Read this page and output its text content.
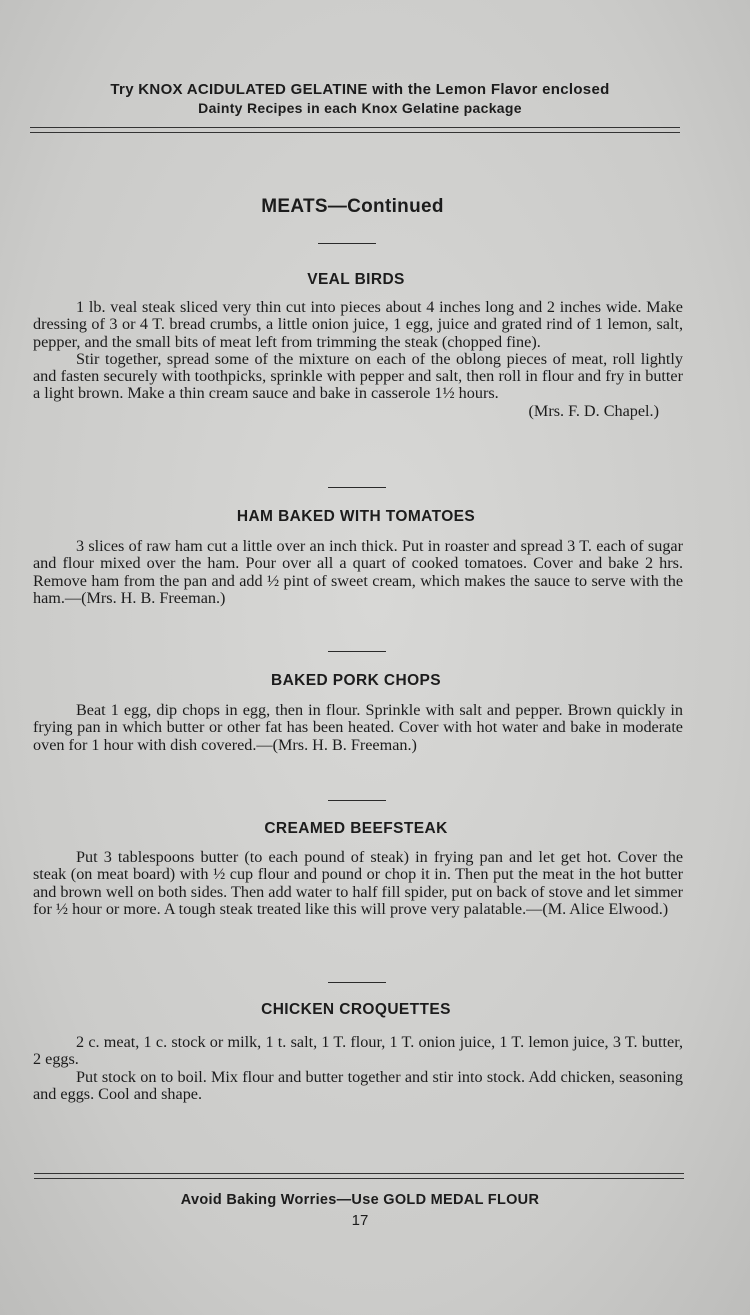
Try KNOX ACIDULATED GELATINE with the Lemon Flavor enclosed
Dainty Recipes in each Knox Gelatine package
MEATS—Continued
VEAL BIRDS

1 lb. veal steak sliced very thin cut into pieces about 4 inches long and 2 inches wide. Make dressing of 3 or 4 T. bread crumbs, a little onion juice, 1 egg, juice and grated rind of 1 lemon, salt, pepper, and the small bits of meat left from trimming the steak (chopped fine).

Stir together, spread some of the mixture on each of the oblong pieces of meat, roll lightly and fasten securely with toothpicks, sprinkle with pepper and salt, then roll in flour and fry in butter a light brown. Make a thin cream sauce and bake in casserole 1½ hours.

(Mrs. F. D. Chapel.)
HAM BAKED WITH TOMATOES

3 slices of raw ham cut a little over an inch thick. Put in roaster and spread 3 T. each of sugar and flour mixed over the ham. Pour over all a quart of cooked tomatoes. Cover and bake 2 hrs. Remove ham from the pan and add ½ pint of sweet cream, which makes the sauce to serve with the ham.—(Mrs. H. B. Freeman.)

BAKED PORK CHOPS

Beat 1 egg, dip chops in egg, then in flour. Sprinkle with salt and pepper. Brown quickly in frying pan in which butter or other fat has been heated. Cover with hot water and bake in moderate oven for 1 hour with dish covered.—(Mrs. H. B. Freeman.)

CREAMED BEEFSTEAK

Put 3 tablespoons butter (to each pound of steak) in frying pan and let get hot. Cover the steak (on meat board) with ½ cup flour and pound or chop it in. Then put the meat in the hot butter and brown well on both sides. Then add water to half fill spider, put on back of stove and let simmer for ½ hour or more. A tough steak treated like this will prove very palatable.—(M. Alice Elwood.)

CHICKEN CROQUETTES

2 c. meat, 1 c. stock or milk, 1 t. salt, 1 T. flour, 1 T. onion juice, 1 T. lemon juice, 3 T. butter, 2 eggs.

Put stock on to boil. Mix flour and butter together and stir into stock. Add chicken, seasoning and eggs. Cool and shape.

Avoid Baking Worries—Use GOLD MEDAL FLOUR
17
